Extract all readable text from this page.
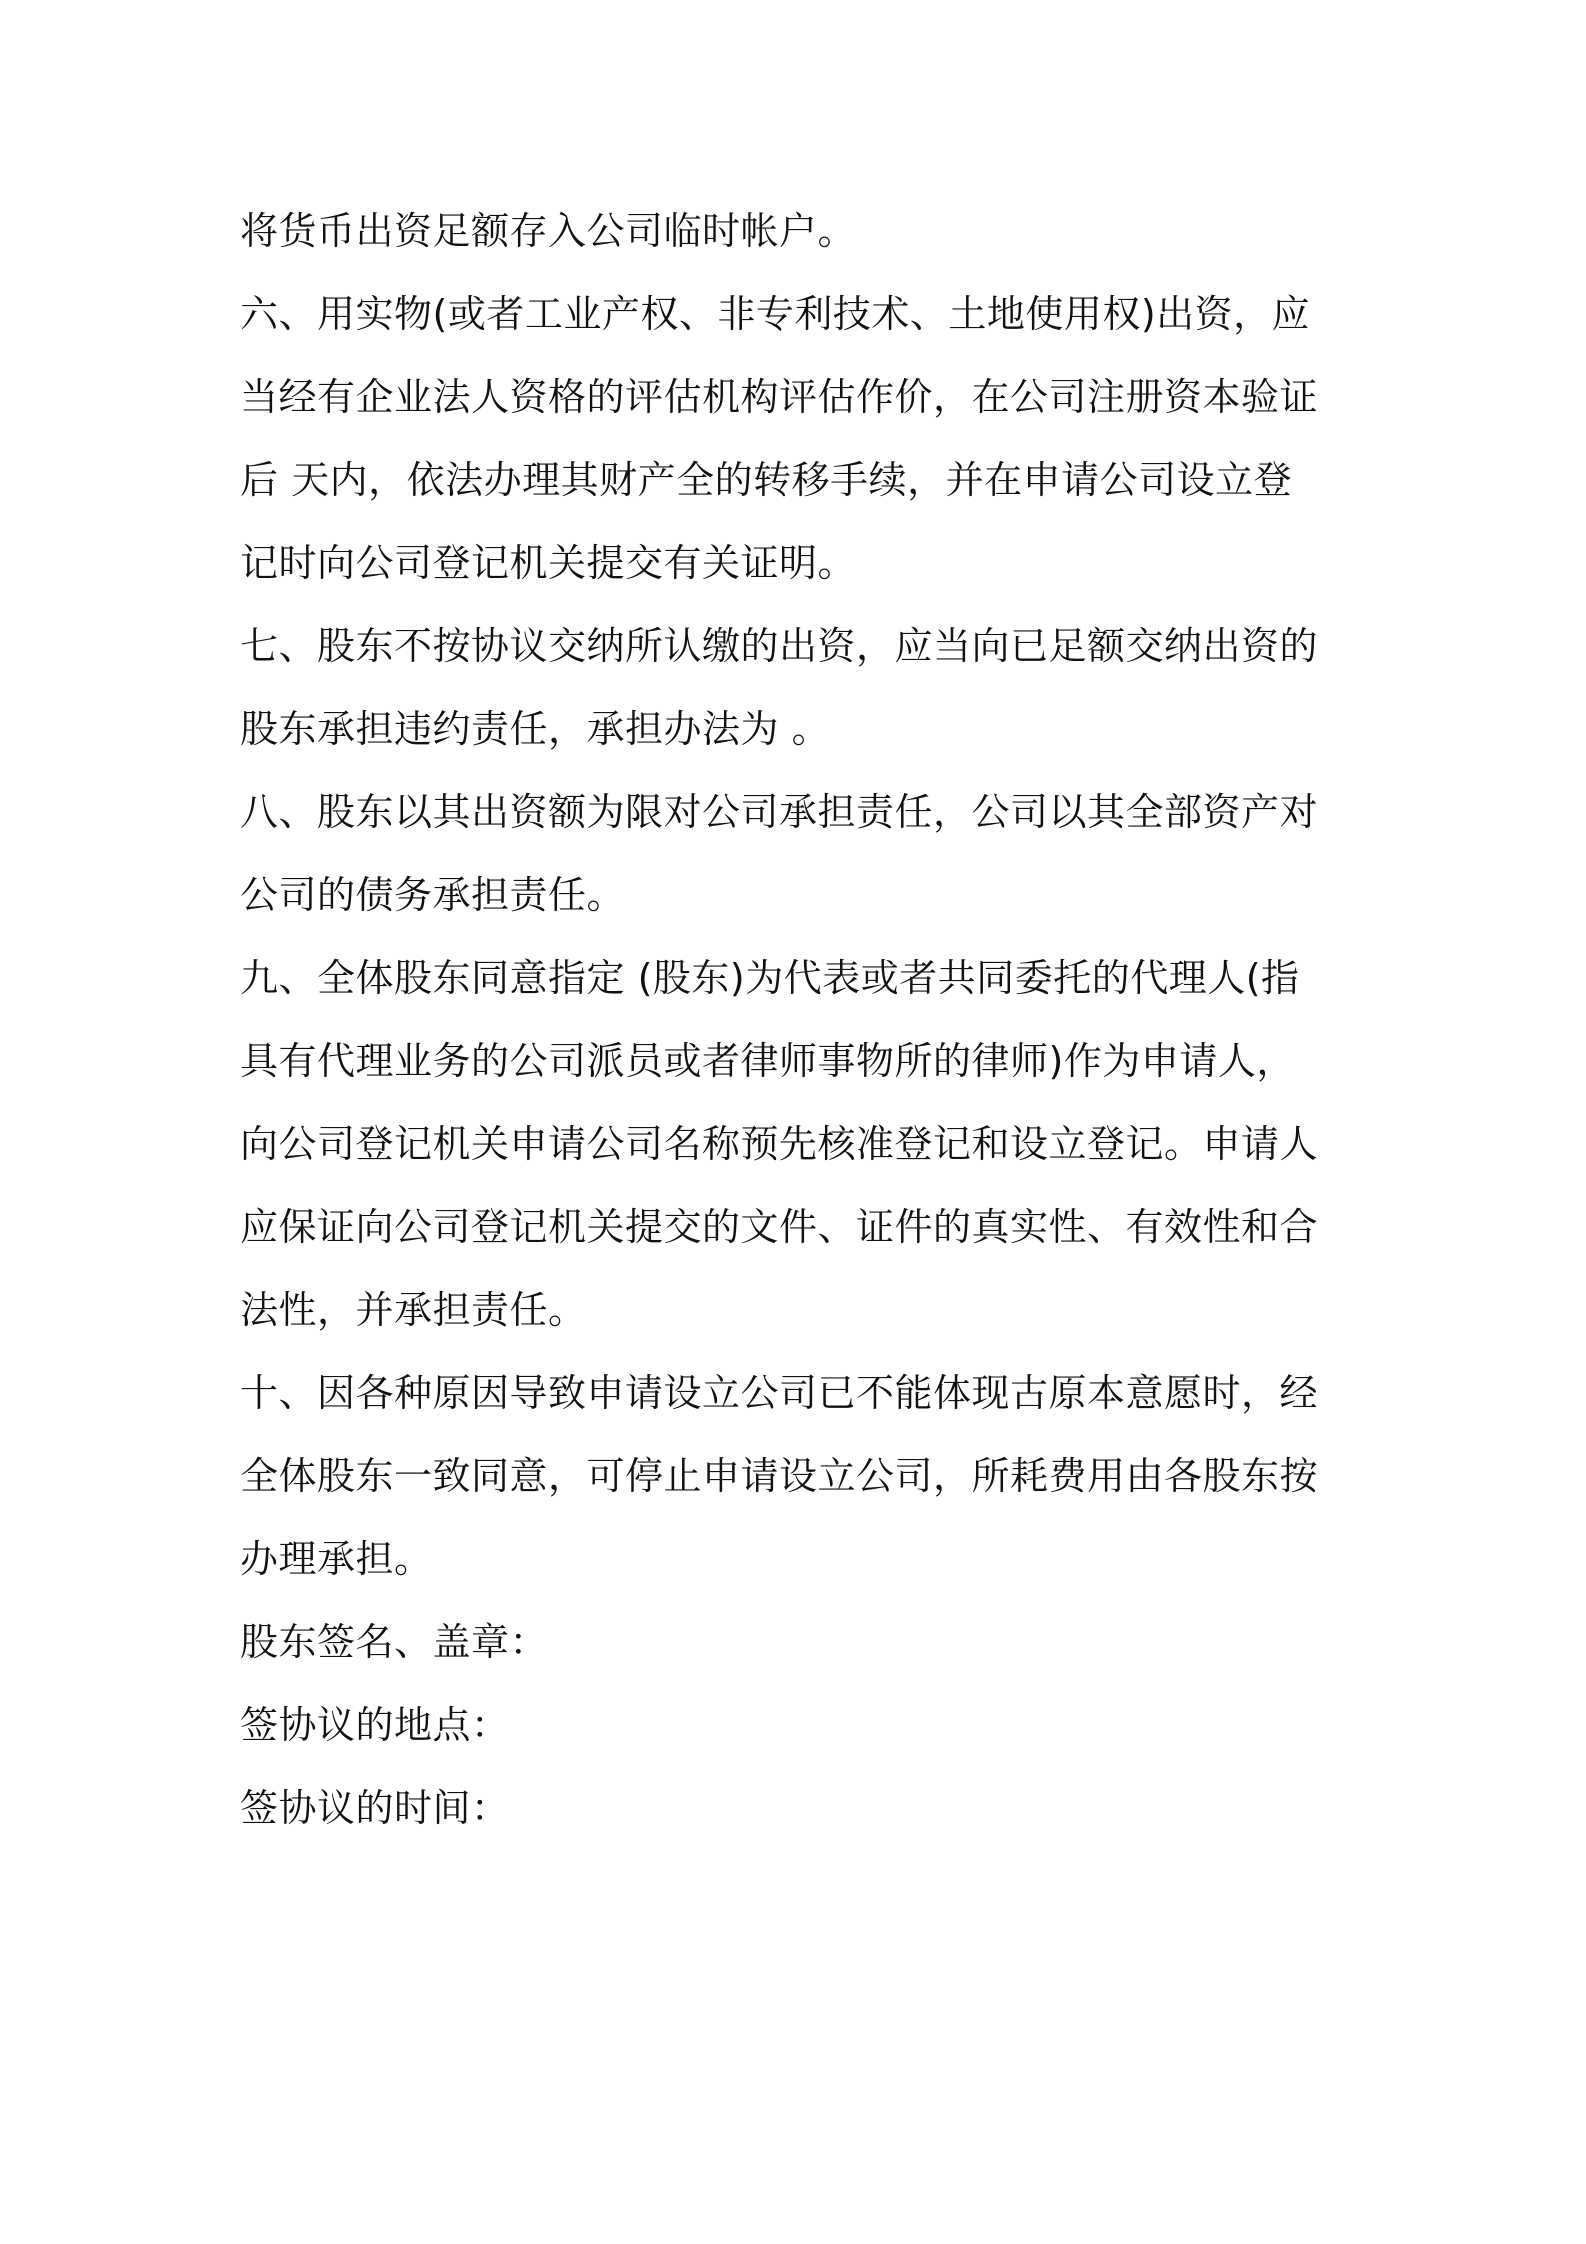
将货币出资足额存入公司临时帐户。
六、用实物(或者工业产权、非专利技术、土地使用权)出资，应
当经有企业法人资格的评估机构评估作价，在公司注册资本验证
后 天内，依法办理其财产全的转移手续，并在申请公司设立登
记时向公司登记机关提交有关证明。
七、股东不按协议交纳所认缴的出资，应当向已足额交纳出资的
股东承担违约责任，承担办法为 。
八、股东以其出资额为限对公司承担责任，公司以其全部资产对
公司的债务承担责任。
九、全体股东同意指定 (股东)为代表或者共同委托的代理人(指
具有代理业务的公司派员或者律师事物所的律师)作为申请人，
向公司登记机关申请公司名称预先核准登记和设立登记。申请人
应保证向公司登记机关提交的文件、证件的真实性、有效性和合
法性，并承担责任。
十、因各种原因导致申请设立公司已不能体现古原本意愿时，经
全体股东一致同意，可停止申请设立公司，所耗费用由各股东按
办理承担。
股东签名、盖章：
签协议的地点：
签协议的时间：
